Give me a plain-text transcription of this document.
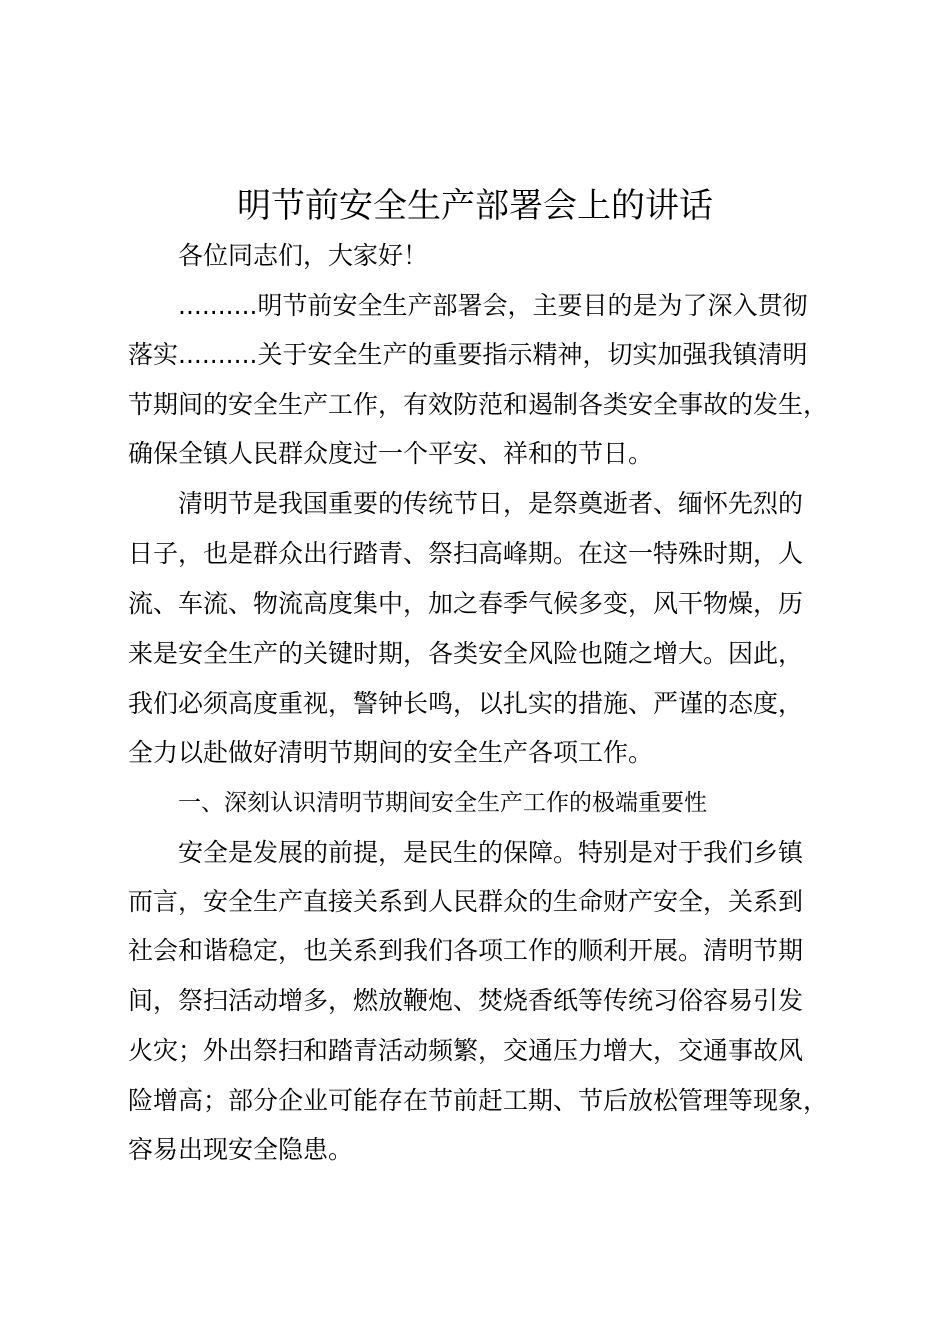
明节前安全生产部署会上的讲话

各位同志们，大家好！

..........明节前安全生产部署会，主要目的是为了深入贯彻

落实..........关于安全生产的重要指示精神，切实加强我镇清明

节期间的安全生产工作，有效防范和遏制各类安全事故的发生，

确保全镇人民群众度过一个平安、祥和的节日。

清明节是我国重要的传统节日，是祭奠逝者、缅怀先烈的

日子，也是群众出行踏青、祭扫高峰期。在这一特殊时期，人

流、车流、物流高度集中，加之春季气候多变，风干物燥，历

来是安全生产的关键时期，各类安全风险也随之增大。因此，

我们必须高度重视，警钟长鸣，以扎实的措施、严谨的态度，

全力以赴做好清明节期间的安全生产各项工作。

一、深刻认识清明节期间安全生产工作的极端重要性

安全是发展的前提，是民生的保障。特别是对于我们乡镇

而言，安全生产直接关系到人民群众的生命财产安全，关系到

社会和谐稳定，也关系到我们各项工作的顺利开展。清明节期

间，祭扫活动增多，燃放鞭炮、焚烧香纸等传统习俗容易引发

火灾；外出祭扫和踏青活动频繁，交通压力增大，交通事故风

险增高；部分企业可能存在节前赶工期、节后放松管理等现象，

容易出现安全隐患。
